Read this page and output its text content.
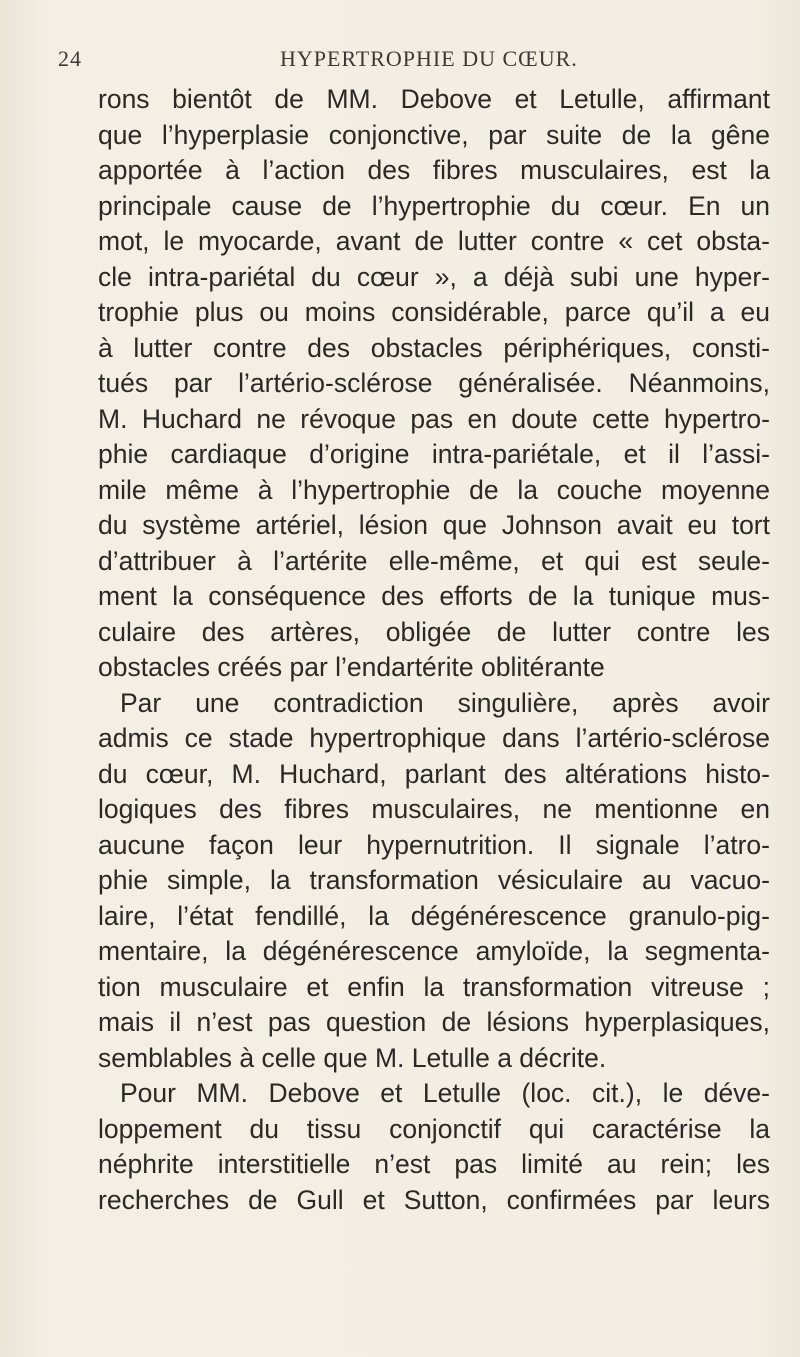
24	HYPERTROPHIE DU CŒUR.
rons bientôt de MM. Debove et Letulle, affirmant
que l’hyperplasie conjonctive, par suite de la gêne
apportée à l’action des fibres musculaires, est la
principale cause de l’hypertrophie du cœur. En un
mot, le myocarde, avant de lutter contre « cet obsta-
cle intra-pariétal du cœur », a déjà subi une hyper-
trophie plus ou moins considérable, parce qu’il a eu
à lutter contre des obstacles périphériques, consti-
tués par l’artério-sclérose généralisée. Néanmoins,
M. Huchard ne révoque pas en doute cette hypertro-
phie cardiaque d’origine intra-pariétale, et il l’assi-
mile même à l’hypertrophie de la couche moyenne
du système artériel, lésion que Johnson avait eu tort
d’attribuer à l’artérite elle-même, et qui est seule-
ment la conséquence des efforts de la tunique mus-
culaire des artères, obligée de lutter contre les
obstacles créés par l’endartérite oblitérante
Par une contradiction singulière, après avoir
admis ce stade hypertrophique dans l’artério-sclérose
du cœur, M. Huchard, parlant des altérations histo-
logiques des fibres musculaires, ne mentionne en
aucune façon leur hypernutrition. Il signale l’atro-
phie simple, la transformation vésiculaire au vacuo-
laire, l’état fendillé, la dégénérescence granulo-pig-
mentaire, la dégénérescence amyloïde, la segmenta-
tion musculaire et enfin la transformation vitreuse ;
mais il n’est pas question de lésions hyperplasiques,
semblables à celle que M. Letulle a décrite.
Pour MM. Debove et Letulle (loc. cit.), le déve-
loppement du tissu conjonctif qui caractérise la
néphrite interstitielle n’est pas limité au rein; les
recherches de Gull et Sutton, confirmées par leurs
